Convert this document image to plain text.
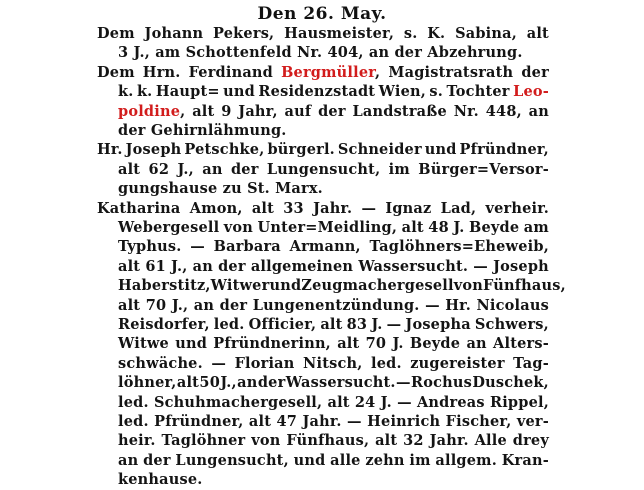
Den 26. May.
Dem Johann Pekers, Hausmeister, s. K. Sabina, alt
3 J., am Schottenfeld Nr. 404, an der Abzehrung.
Dem Hrn. Ferdinand Bergmüller, Magistratsrath der
k. k. Haupt= und Residenzstadt Wien, s. Tochter Leo-
poldine, alt 9 Jahr, auf der Landstraße Nr. 448, an
der Gehirnlähmung.
Hr. Joseph Petschke, bürgerl. Schneider und Pfründner,
alt 62 J., an der Lungensucht, im Bürger=Versor-
gungshause zu St. Marx.
Katharina Amon, alt 33 Jahr. — Ignaz Lad, verheir.
Webergesell von Unter=Meidling, alt 48 J. Beyde am
Typhus. — Barbara Armann, Taglöhners=Eheweib,
alt 61 J., an der allgemeinen Wassersucht. — Joseph
Haberstitz, Witwer und Zeugmachergesell von Fünfhaus,
alt 70 J., an der Lungenentzündung. — Hr. Nicolaus
Reisdorfer, led. Officier, alt 83 J. — Josepha Schwers,
Witwe und Pfründnerinn, alt 70 J. Beyde an Alters-
schwäche. — Florian Nitsch, led. zugereister Tag-
löhner, alt 50 J., an der Wassersucht. — Rochus Duschek,
led. Schuhmachergesell, alt 24 J. — Andreas Rippel,
led. Pfründner, alt 47 Jahr. — Heinrich Fischer, ver-
heir. Taglöhner von Fünfhaus, alt 32 Jahr. Alle drey
an der Lungensucht, und alle zehn im allgem. Kran-
kenhause.
